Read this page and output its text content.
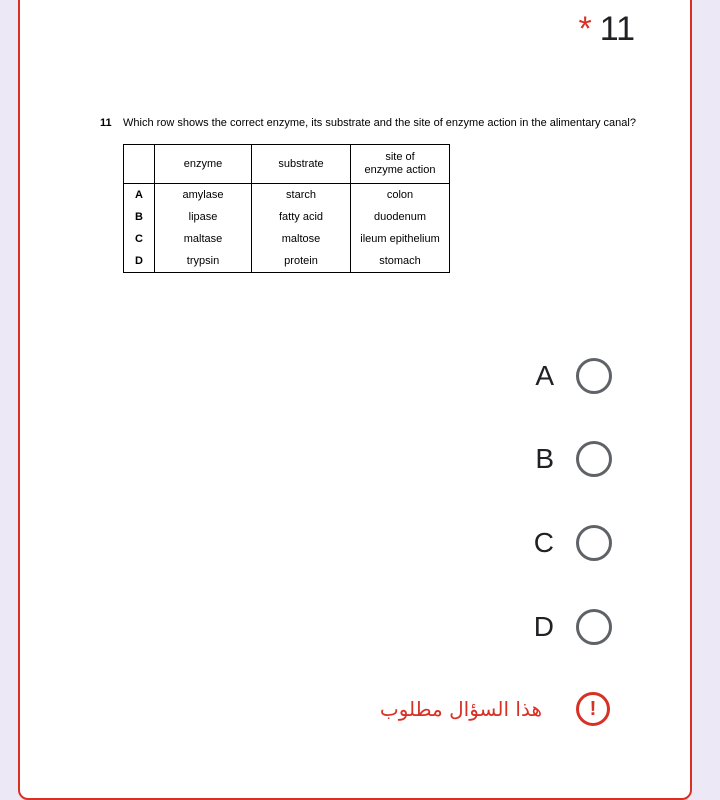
* 11
11	Which row shows the correct enzyme, its substrate and the site of enzyme action in the alimentary canal?
	enzyme	substrate	site of
enzyme action
A	amylase	starch	colon
B	lipase	fatty acid	duodenum
C	maltase	maltose	ileum epithelium
D	trypsin	protein	stomach
A
B
C
D
!
هذا السؤال مطلوب
